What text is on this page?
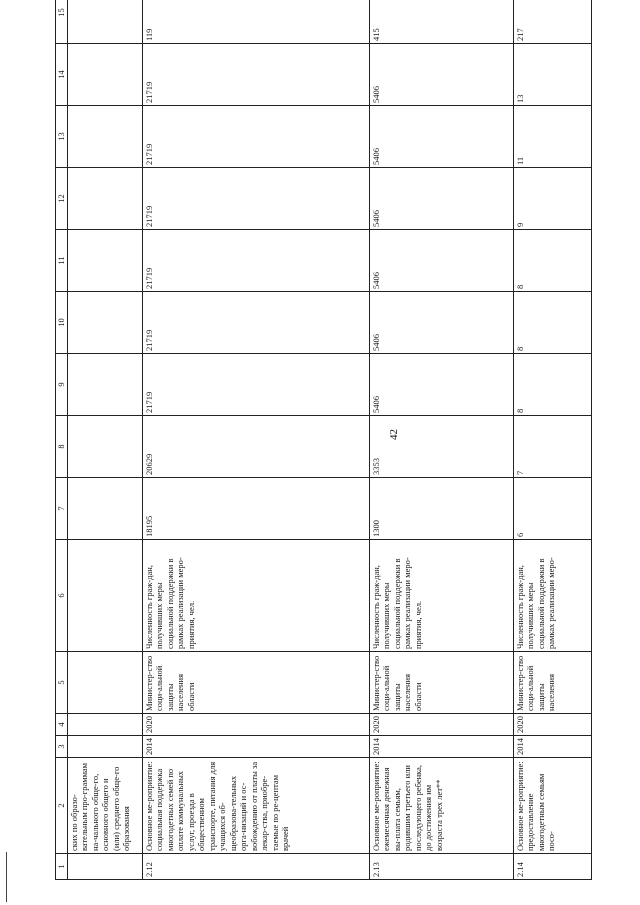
42
1	2	3	4	5	6	7	8	9	10	11	12	13	14	15
	ских по образо-вательным про-граммам на-чального обще-го, основного общего и (или) среднего обще-го образования													
2.12	Основное ме-роприятие: социальная поддержка многодетных семей по оплате коммунальных услуг, проезда в общественном транспорте, питания для учащихся об-щеобразова-тельных орга-низаций и ос-вобождению от платы за лекар-ства, приобре-таемые по ре-цептам врачей	2014	2020	Министер-ство соци-альной защиты населения области	Численность граж-дан, получивших меры социальной поддержки в рамках реализации меро-приятия, чел.	18195	20629	21719	21719	21719	21719	21719	21719	119
2.13	Основное ме-роприятие: ежемесячная денежная вы-плата семьям, родившим третьего или последующего ребенка, до достижения им возраста трех лет**	2014	2020	Министер-ство соци-альной защиты населения области	Численность граж-дан, получивших меры социальной поддержки в рамках реализации меро-приятия, чел.	1300	3353	5406	5406	5406	5406	5406	5406	415
2.14	Основное ме-роприятие: предоставление многодетным семьям посо-	2014	2020	Министер-ство соци-альной защиты населения	Численность граж-дан, получивших меры социальной поддержки в рамках реализации меро-	6	7	8	8	8	9	11	13	217
